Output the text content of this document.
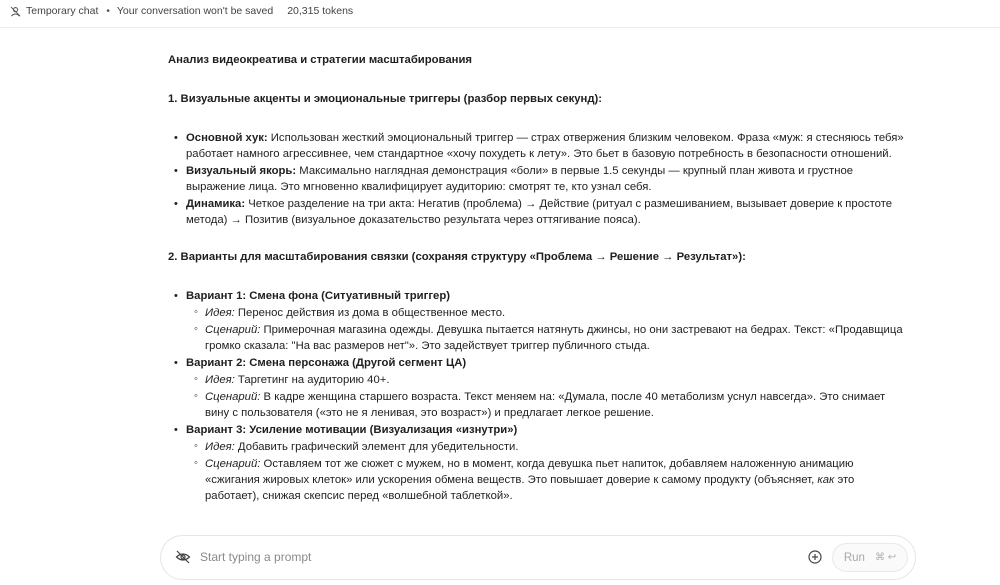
Temporary chat • Your conversation won't be saved 20,315 tokens
Анализ видеокреатива и стратегии масштабирования
1. Визуальные акценты и эмоциональные триггеры (разбор первых секунд):
• Основной хук: Использован жесткий эмоциональный триггер — страх отвержения близким человеком. Фраза «муж: я стесняюсь тебя» работает намного агрессивнее, чем стандартное «хочу похудеть к лету». Это бьет в базовую потребность в безопасности отношений.
• Визуальный якорь: Максимально наглядная демонстрация «боли» в первые 1.5 секунды — крупный план живота и грустное выражение лица. Это мгновенно квалифицирует аудиторию: смотрят те, кто узнал себя.
• Динамика: Четкое разделение на три акта: Негатив (проблема) → Действие (ритуал с размешиванием, вызывает доверие к простоте метода) → Позитив (визуальное доказательство результата через оттягивание пояса).
2. Варианты для масштабирования связки (сохраняя структуру «Проблема → Решение → Результат»):
• Вариант 1: Смена фона (Ситуативный триггер)
◦ Идея: Перенос действия из дома в общественное место.
◦ Сценарий: Примерочная магазина одежды. Девушка пытается натянуть джинсы, но они застревают на бедрах. Текст: «Продавщица громко сказала: "На вас размеров нет"». Это задействует триггер публичного стыда.
• Вариант 2: Смена персонажа (Другой сегмент ЦА)
◦ Идея: Таргетинг на аудиторию 40+.
◦ Сценарий: В кадре женщина старшего возраста. Текст меняем на: «Думала, после 40 метаболизм уснул навсегда». Это снимает вину с пользователя («это не я ленивая, это возраст») и предлагает легкое решение.
• Вариант 3: Усиление мотивации (Визуализация «изнутри»)
◦ Идея: Добавить графический элемент для убедительности.
◦ Сценарий: Оставляем тот же сюжет с мужем, но в момент, когда девушка пьет напиток, добавляем наложенную анимацию «сжигания жировых клеток» или ускорения обмена веществ. Это повышает доверие к самому продукту (объясняет, как это работает), снижая скепсис перед «волшебной таблеткой».
Start typing a prompt	Run ⌘ ↩
